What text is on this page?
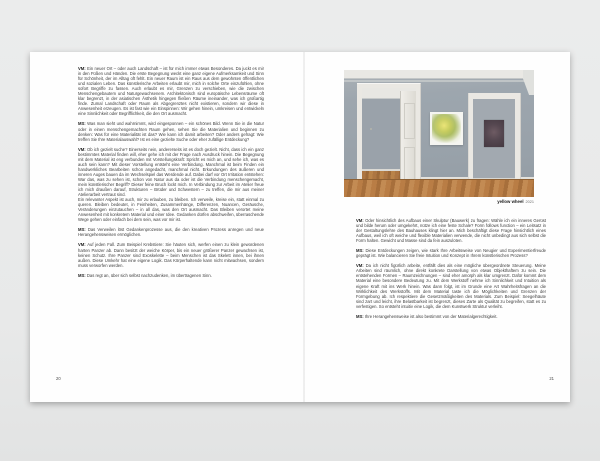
VM: Ein neuer Ort – oder auch Landschaft – ist für mich immer etwas Besonderes. Da juckt es mir in den Füßen und Händen. Die erste Begegnung weckt eine ganz eigene Aufmerksamkeit und Sinn für Schönheit, der im Alltag oft fehlt. Ein neuer Raum ist ein Raus aus dem gewohnten öffentlichen und sozialen Leben. Das künstlerische Arbeiten erlaubt mir, mich in solche Orte einzufühlen, ohne sofort Begriffe zu fassen. Auch erlaubt es mir, Grenzen zu verschieben, wie die zwischen Menschengebautem und Naturgewachsenem. Architektonisch sind europäische Lebensräume oft klar begrenzt, in der asiatischen Ästhetik hingegen fließen Räume ineinander, was ich großartig finde. Zumal Landschaft oder Raum als Abgegrenztes nicht existieren, sondern wir diese in Anwesenheit erzeugen. Es ist fast wie ein Einspinnen: Wir gehen hinein, umkreisen und entwickeln eine Sinnlichkeit oder Begrifflichkeit, die den Ort ausmacht.

MS: Was man sieht und wahrnimmt, wird eingesponnen – ein schönes Bild. Wenn Sie in die Natur oder in einen menschengemachten Raum gehen, sehen Sie die Materialien und beginnen zu denken: Was für eine Materialität ist das? Wie kann ich damit arbeiten? Oder anders gefragt: Wie treffen Sie Ihre Materialauswahl? Ist es eine gezielte Suche oder eher zufällige Entdeckung?

VM: Ob ich gezielt suche? Einerseits nein, andererseits ist es doch gezielt. Nicht, dass ich ein ganz bestimmtes Material finden will, eher gehe ich mit der Frage nach Ausdruck hinein. Die Begegnung mit dem Material ist eng verbunden mit Vorstellungskraft: Spricht es mich an, und sehe ich, was es auch sein kann? Mit dieser Vorstellung entsteht eine Verbindung. Manchmal ist beim Finden ein handwerkliches Bearbeiten schon angedacht, manchmal nicht. Erkundungen des äußeren und inneren Auges bauen da im Wechselspiel das Werdende auf. Dabei darf vor Ort Irritation entstehen: War das, was zu sehen ist, schon von Natur aus da oder ist die Verbindung menschengemacht, mein künstlerischer Begriff? Dieser feine Bruch lockt mich. In Verbindung zur Arbeit im Atelier freue ich mich draußen darauf, Strukturen – Brüder und Schwestern – zu treffen, die mir aus meiner Atelierarbeit vertraut sind.

Ein relevanter Aspekt ist auch, mir zu erlauben, zu bleiben. Ich verweile, kreise ein, statt einmal zu queren. Bleiben bedeutet, in Feinheiten, Zusammenhänge, Differenzen, Nuancen, Geräusche, Veränderungen einzutauchen – in all das, was den Ort ausmacht. Das Bleiben verortet meine Anwesenheit mit konkretem Material und einer Idee. Gedanken dürfen abschweifen, überraschende Wege gehen oder einfach bei dem sein, was vor mir ist.

MS: Das Verweilen löst Gedankenprozesse aus, die den kreativen Prozess anregen und neue Herangehensweisen ermöglichen.

VM: Auf jeden Fall. Zum Beispiel Krebstiere: Sie häuten sich, werfen einen zu klein gewordenen harten Panzer ab. Dann besitzt der weiche Körper, bis ein neuer größerer Panzer gewachsen ist, keinen Schutz. Ihre Panzer sind Exoskelette – beim Menschen ist das Skelett innen, bei ihnen außen. Diese Umkehr hat eine eigene Logik. Das Körperhaltende kann nicht mitwachsen, sondern muss verworfen werden.

MS: Das regt an, über sich selbst nachzudenken, im übertragenen Sinn.

20
yellow wheel 2021

VM: Oder hinsichtlich des Aufbaus einer Skulptur (Bauwerk) zu fragen: Wähle ich ein inneres Gerüst und bilde herum oder umgekehrt, nütze ich eine feste Schale? Form follows function – ein Leitsatz in der Gestaltungslehre des Bauhauses klingt hier an. Mich beschäftigt diese Frage hinsichtlich eines Aufbaus, weil ich oft weiche und flexible Materialien verwende, die nicht unbedingt aus sich selbst die Form halten. Gewicht und Masse sind da fein auszuloten.

MS: Diese Entdeckungen zeigen, wie stark Ihre Arbeitsweise von Neugier und Experimentierfreude geprägt ist. Wie balancieren Sie freie Intuition und Konzept in Ihrem künstlerischen Prozess?

VM: Da ich nicht figürlich arbeite, entfällt dies als eine mögliche übergeordnete Steuerung. Meine Arbeiten sind räumlich, ohne direkt konkrete Darstellung von etwas Objekthaftem zu sein. Die entstehenden Formen – Raumzeichnungen – sind eher amorph als klar umgrenzt. Dafür kommt dem Material eine besondere Bedeutung zu. Mit dem Werkstoff nehme ich Sinnlichkeit und Intuition als eigene Kraft mit ins Werk hinein. Was dann folgt, ist im Grunde eine Art Wahrheitsfragen an die Wirklichkeit des Werkstoffs. Mit dem Material taste ich die Möglichkeiten und Grenzen der Formgebung ab. Ich respektiere die Gesetzmäßigkeiten des Materials. Zum Beispiel: Seegelhäute sind zart und leicht, ihre Belastbarkeit ist begrenzt, dieses Zarte als Qualität zu begreifen, statt es zu verfestigen. So entsteht intuitiv eine Logik, die dem Kunstwerk Struktur verleiht.

MS: Ihre Herangehensweise ist also bestimmt von der Materialgerechtigkeit.

21
